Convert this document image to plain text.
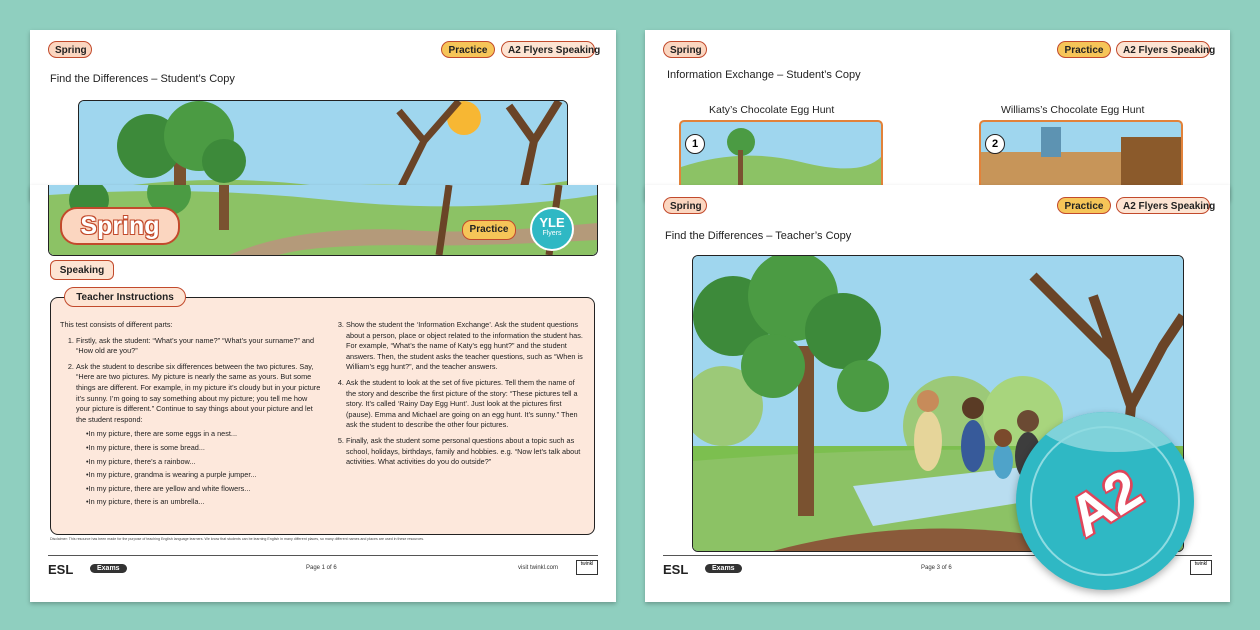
Spring	Practice	A2 Flyers Speaking
Find the Differences – Student’s Copy
Spring	Practice	YLE
Flyers
Speaking
Teacher Instructions
This test consists of different parts:
1. Firstly, ask the student: “What’s your name?” “What’s your surname?” and “How old are you?”
2. Ask the student to describe six differences between the two pictures. Say, “Here are two pictures. My picture is nearly the same as yours. But some things are different. For example, in my picture it’s cloudy but in your picture it’s sunny. I’m going to say something about my picture; you tell me how your picture is different.” Continue to say things about your picture and let the student respond:
•In my picture, there are some eggs in a nest...
•In my picture, there is some bread...
•In my picture, there’s a rainbow...
•In my picture, grandma is wearing a purple jumper...
•In my picture, there are yellow and white flowers...
•In my picture, there is an umbrella...
3. Show the student the ‘Information Exchange’. Ask the student questions about a person, place or object related to the information the student has. For example, “What’s the name of Katy’s egg hunt?” and the student answers. Then, the student asks the teacher questions, such as “When is William’s egg hunt?”, and the teacher answers.
4. Ask the student to look at the set of five pictures. Tell them the name of the story and describe the first picture of the story: “These pictures tell a story. It’s called ‘Rainy Day Egg Hunt’. Just look at the pictures first (pause). Emma and Michael are going on an egg hunt. It’s sunny.” Then ask the student to describe the other four pictures.
5. Finally, ask the student some personal questions about a topic such as school, holidays, birthdays, family and hobbies. e.g. “Now let’s talk about activities. What activities do you do outside?”
Disclaimer: This resource has been made for the purpose of teaching English language learners. We know that students can be learning English in many different places, so many different names and places are used in these resources.
ESL	Exams	Page 1 of 6	visit twinkl.com
twinkl
Spring	Practice	A2 Flyers Speaking
Information Exchange – Student’s Copy
Katy’s Chocolate Egg Hunt	Williams’s Chocolate Egg Hunt
1	2
Spring	Practice	A2 Flyers Speaking
Find the Differences – Teacher’s Copy
ESL	Exams	Page 3 of 6
twinkl
A2
